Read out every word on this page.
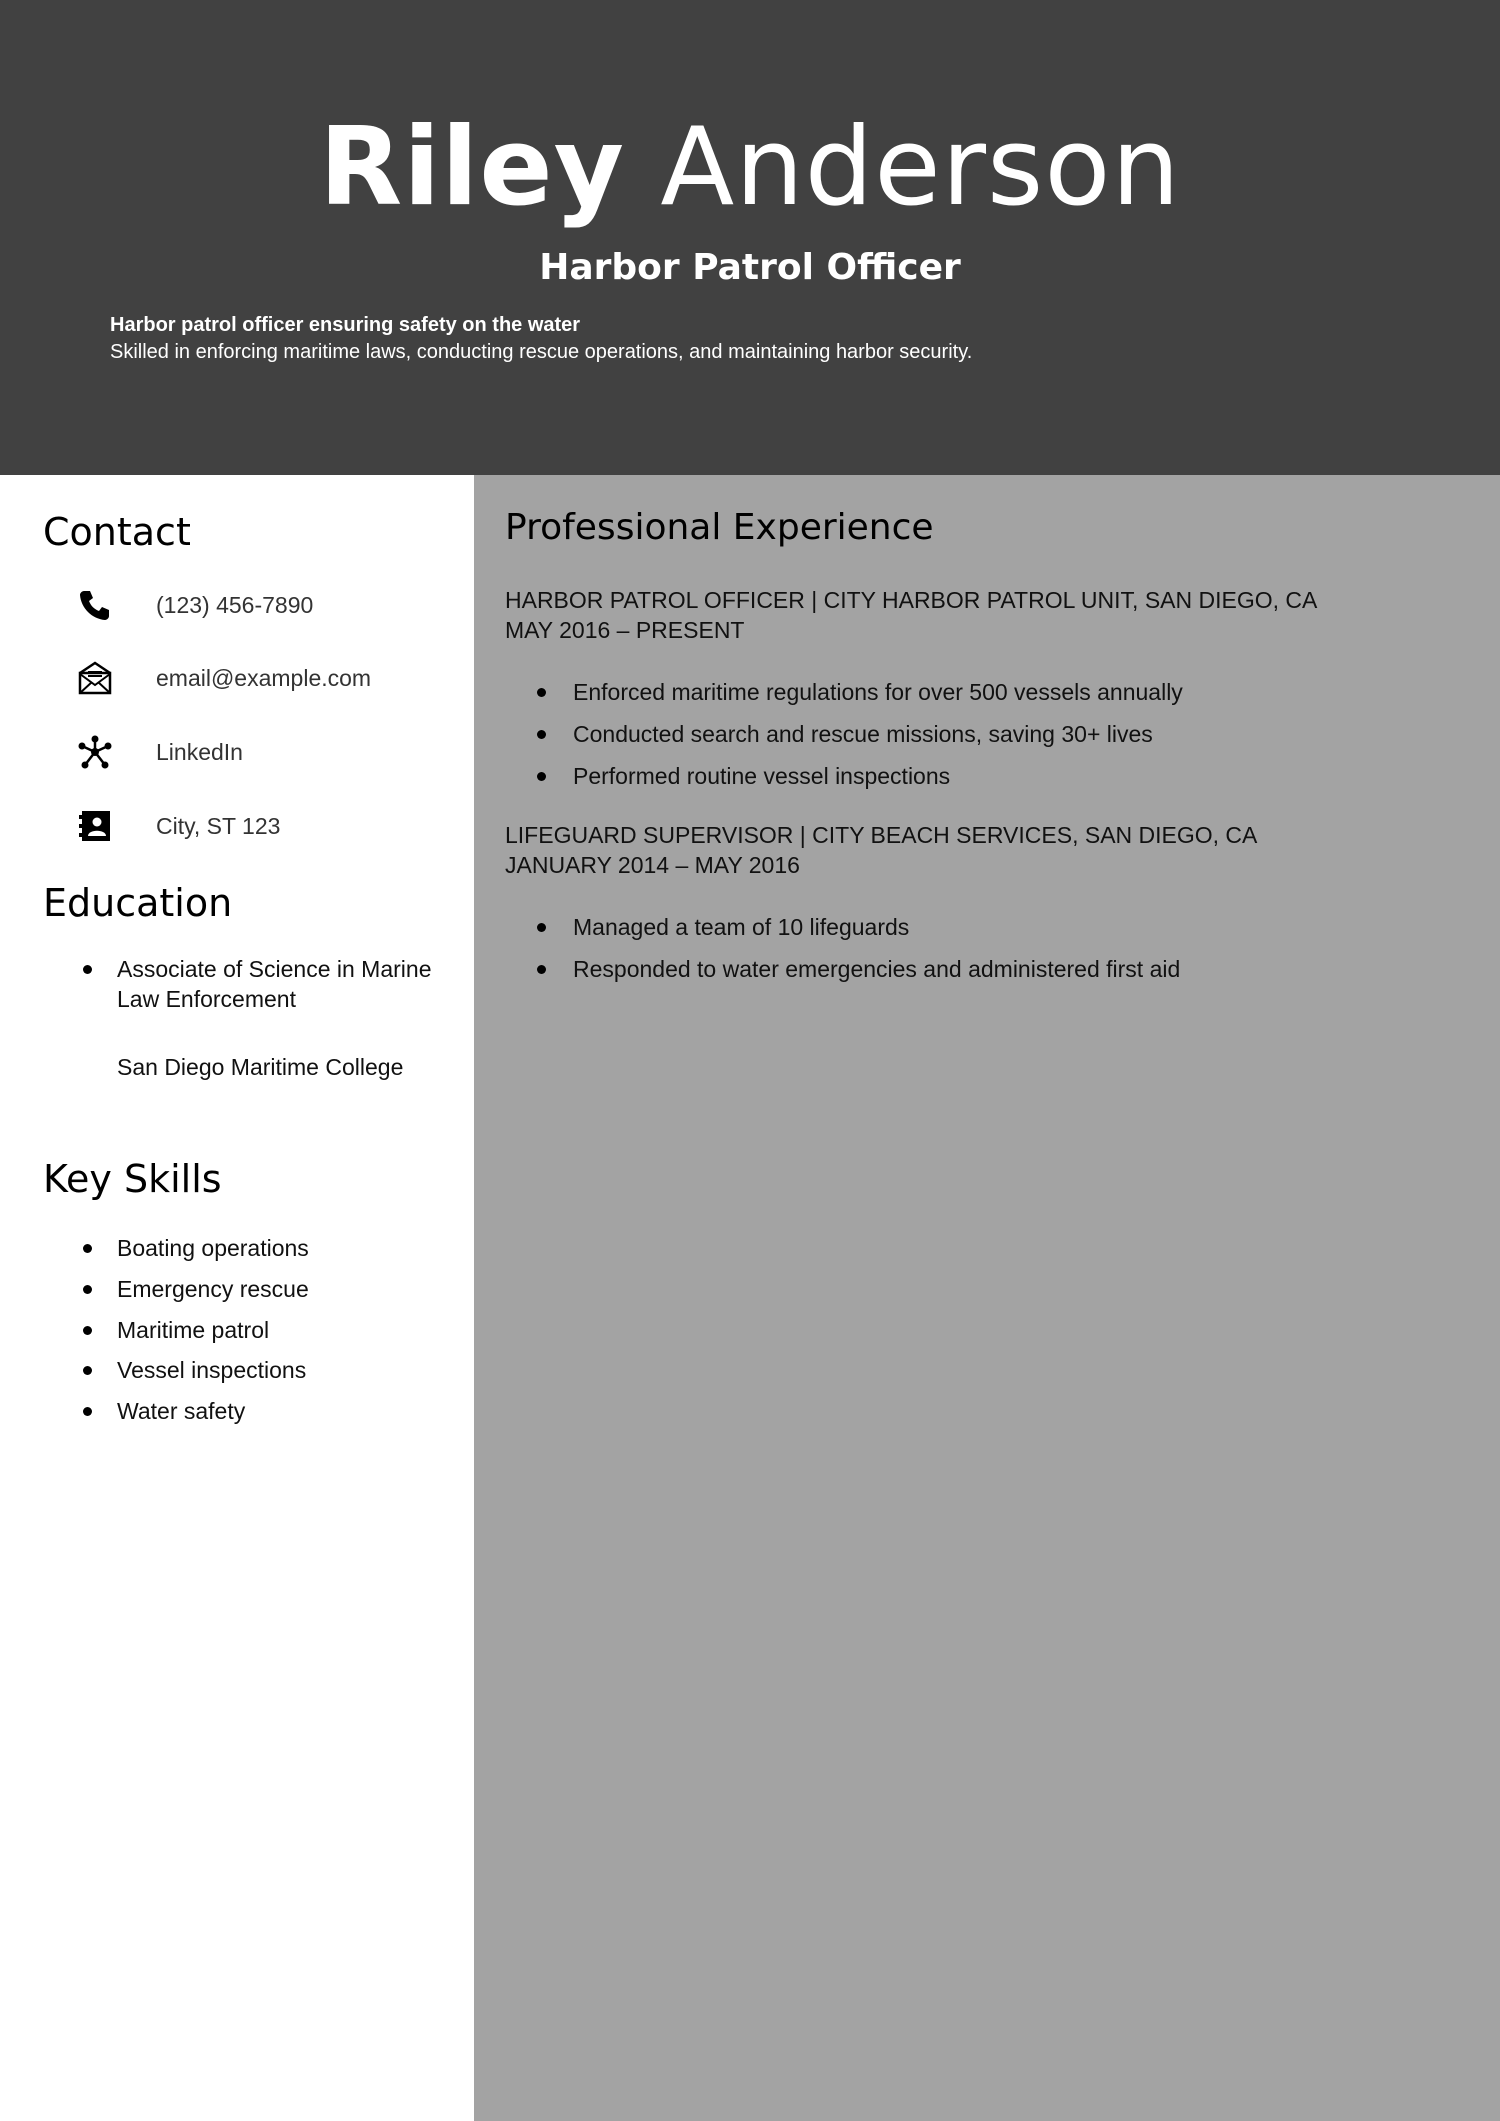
Riley Anderson
Harbor Patrol Officer
Harbor patrol officer ensuring safety on the water
Skilled in enforcing maritime laws, conducting rescue operations, and maintaining harbor security.
Contact
(123) 456-7890
email@example.com
LinkedIn
City, ST 123
Education
Associate of Science in Marine Law Enforcement
San Diego Maritime College
Key Skills
Boating operations
Emergency rescue
Maritime patrol
Vessel inspections
Water safety
Professional Experience
HARBOR PATROL OFFICER | CITY HARBOR PATROL UNIT, SAN DIEGO, CA
MAY 2016 – PRESENT
Enforced maritime regulations for over 500 vessels annually
Conducted search and rescue missions, saving 30+ lives
Performed routine vessel inspections
LIFEGUARD SUPERVISOR | CITY BEACH SERVICES, SAN DIEGO, CA
JANUARY 2014 – MAY 2016
Managed a team of 10 lifeguards
Responded to water emergencies and administered first aid
